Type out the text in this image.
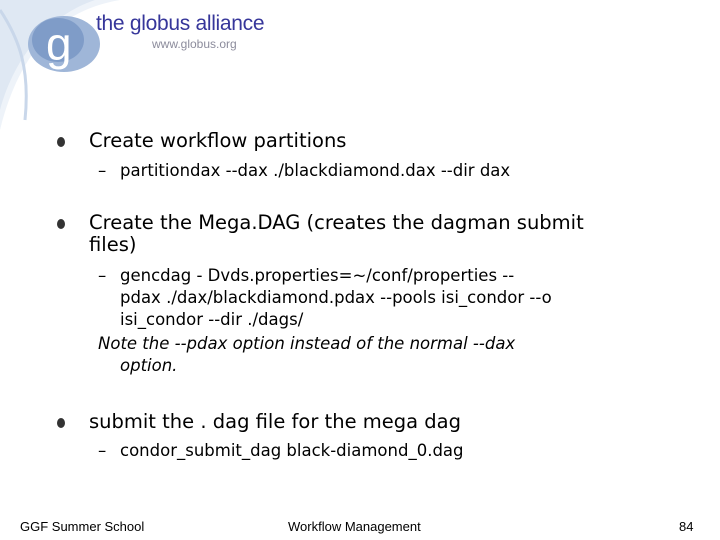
g the globus alliance
www.globus.org
Create workflow partitions
– partitiondax --dax ./blackdiamond.dax --dir dax
Create the Mega.DAG (creates the dagman submit
files)
– gencdag - Dvds.properties=~/conf/properties --
pdax ./dax/blackdiamond.pdax --pools isi_condor --o
isi_condor --dir ./dags/
Note the --pdax option instead of the normal --dax
option.
submit the . dag file for the mega dag
– condor_submit_dag black-diamond_0.dag
GGF Summer School	Workflow Management	84
